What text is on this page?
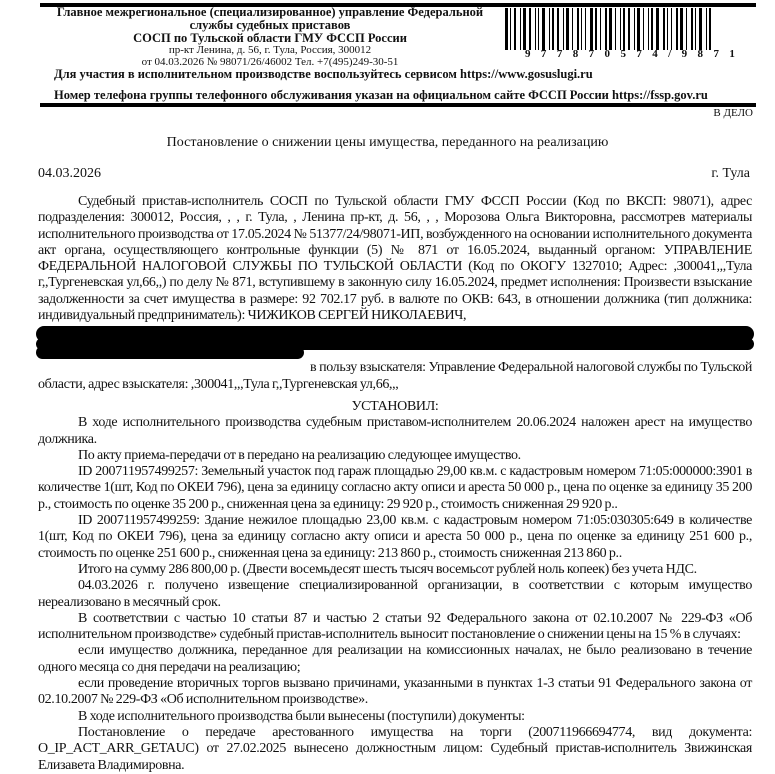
Главное межрегиональное (специализированное) управление Федеральной
службы судебных приставов
СОСП по Тульской области ГМУ ФССП России
пр-кт Ленина, д. 56, г. Тула, Россия, 300012
от 04.03.2026 № 98071/26/46002 Тел. +7(495)249-30-51
9 7 7 8 7 0 5 7 4 / 9 8 7 1
Для участия в исполнительном производстве воспользуйтесь сервисом https://www.gosuslugi.ru
Номер телефона группы телефонного обслуживания указан на официальном сайте ФССП России https://fssp.gov.ru
В ДЕЛО
Постановление о снижении цены имущества, переданного на реализацию
04.03.2026	г. Тула

Судебный пристав-исполнитель СОСП по Тульской области ГМУ ФССП России (Код по ВКСП: 98071), адрес подразделения: 300012, Россия, , , г. Тула, , Ленина пр-кт, д. 56, , , Морозова Ольга Викторовна, рассмотрев материалы исполнительного производства от 17.05.2024 № 51377/24/98071-ИП, возбужденного на основании исполнительного документа акт органа, осуществляющего контрольные функции (5) № 871 от 16.05.2024, выданный органом: УПРАВЛЕНИЕ ФЕДЕРАЛЬНОЙ НАЛОГОВОЙ СЛУЖБЫ ПО ТУЛЬСКОЙ ОБЛАСТИ (Код по ОКОГУ 1327010; Адрес: ,300041,,,Тула г,,Тургеневская ул,66,,) по делу № 871, вступившему в законную силу 16.05.2024, предмет исполнения: Произвести взыскание задолженности за счет имущества в размере: 92 702.17 руб. в валюте по ОКВ: 643, в отношении должника (тип должника: индивидуальный предприниматель): ЧИЖИКОВ СЕРГЕЙ НИКОЛАЕВИЧ,

в пользу взыскателя: Управление Федеральной налоговой службы по Тульской области, адрес взыскателя: ,300041,,,Тула г,,Тургеневская ул,66,,,

УСТАНОВИЛ:

В ходе исполнительного производства судебным приставом-исполнителем 20.06.2024 наложен арест на имущество должника.

По акту приема-передачи от в передано на реализацию следующее имущество.

ID 200711957499257: Земельный участок под гараж площадью 29,00 кв.м. с кадастровым номером 71:05:000000:3901 в количестве 1(шт, Код по ОКЕИ 796), цена за единицу согласно акту описи и ареста 50 000 р., цена по оценке за единицу 35 200 р., стоимость по оценке 35 200 р., сниженная цена за единицу: 29 920 р., стоимость сниженная 29 920 р..

ID 200711957499259: Здание нежилое площадью 23,00 кв.м. с кадастровым номером 71:05:030305:649 в количестве 1(шт, Код по ОКЕИ 796), цена за единицу согласно акту описи и ареста 50 000 р., цена по оценке за единицу 251 600 р., стоимость по оценке 251 600 р., сниженная цена за единицу: 213 860 р., стоимость сниженная 213 860 р..

Итого на сумму 286 800,00 р. (Двести восемьдесят шесть тысяч восемьсот рублей ноль копеек) без учета НДС.

04.03.2026 г. получено извещение специализированной организации, в соответствии с которым имущество нереализовано в месячный срок.

В соответствии с частью 10 статьи 87 и частью 2 статьи 92 Федерального закона от 02.10.2007 № 229-ФЗ «Об исполнительном производстве» судебный пристав-исполнитель выносит постановление о снижении цены на 15 % в случаях:

если имущество должника, переданное для реализации на комиссионных началах, не было реализовано в течение одного месяца со дня передачи на реализацию;

если проведение вторичных торгов вызвано причинами, указанными в пунктах 1-3 статьи 91 Федерального закона от 02.10.2007 № 229-ФЗ «Об исполнительном производстве».

В ходе исполнительного производства были вынесены (поступили) документы:

Постановление о передаче арестованного имущества на торги (200711966694774, вид документа: O_IP_ACT_ARR_GETAUC) от 27.02.2025 вынесено должностным лицом: Судебный пристав-исполнитель Звижинская Елизавета Владимировна.
